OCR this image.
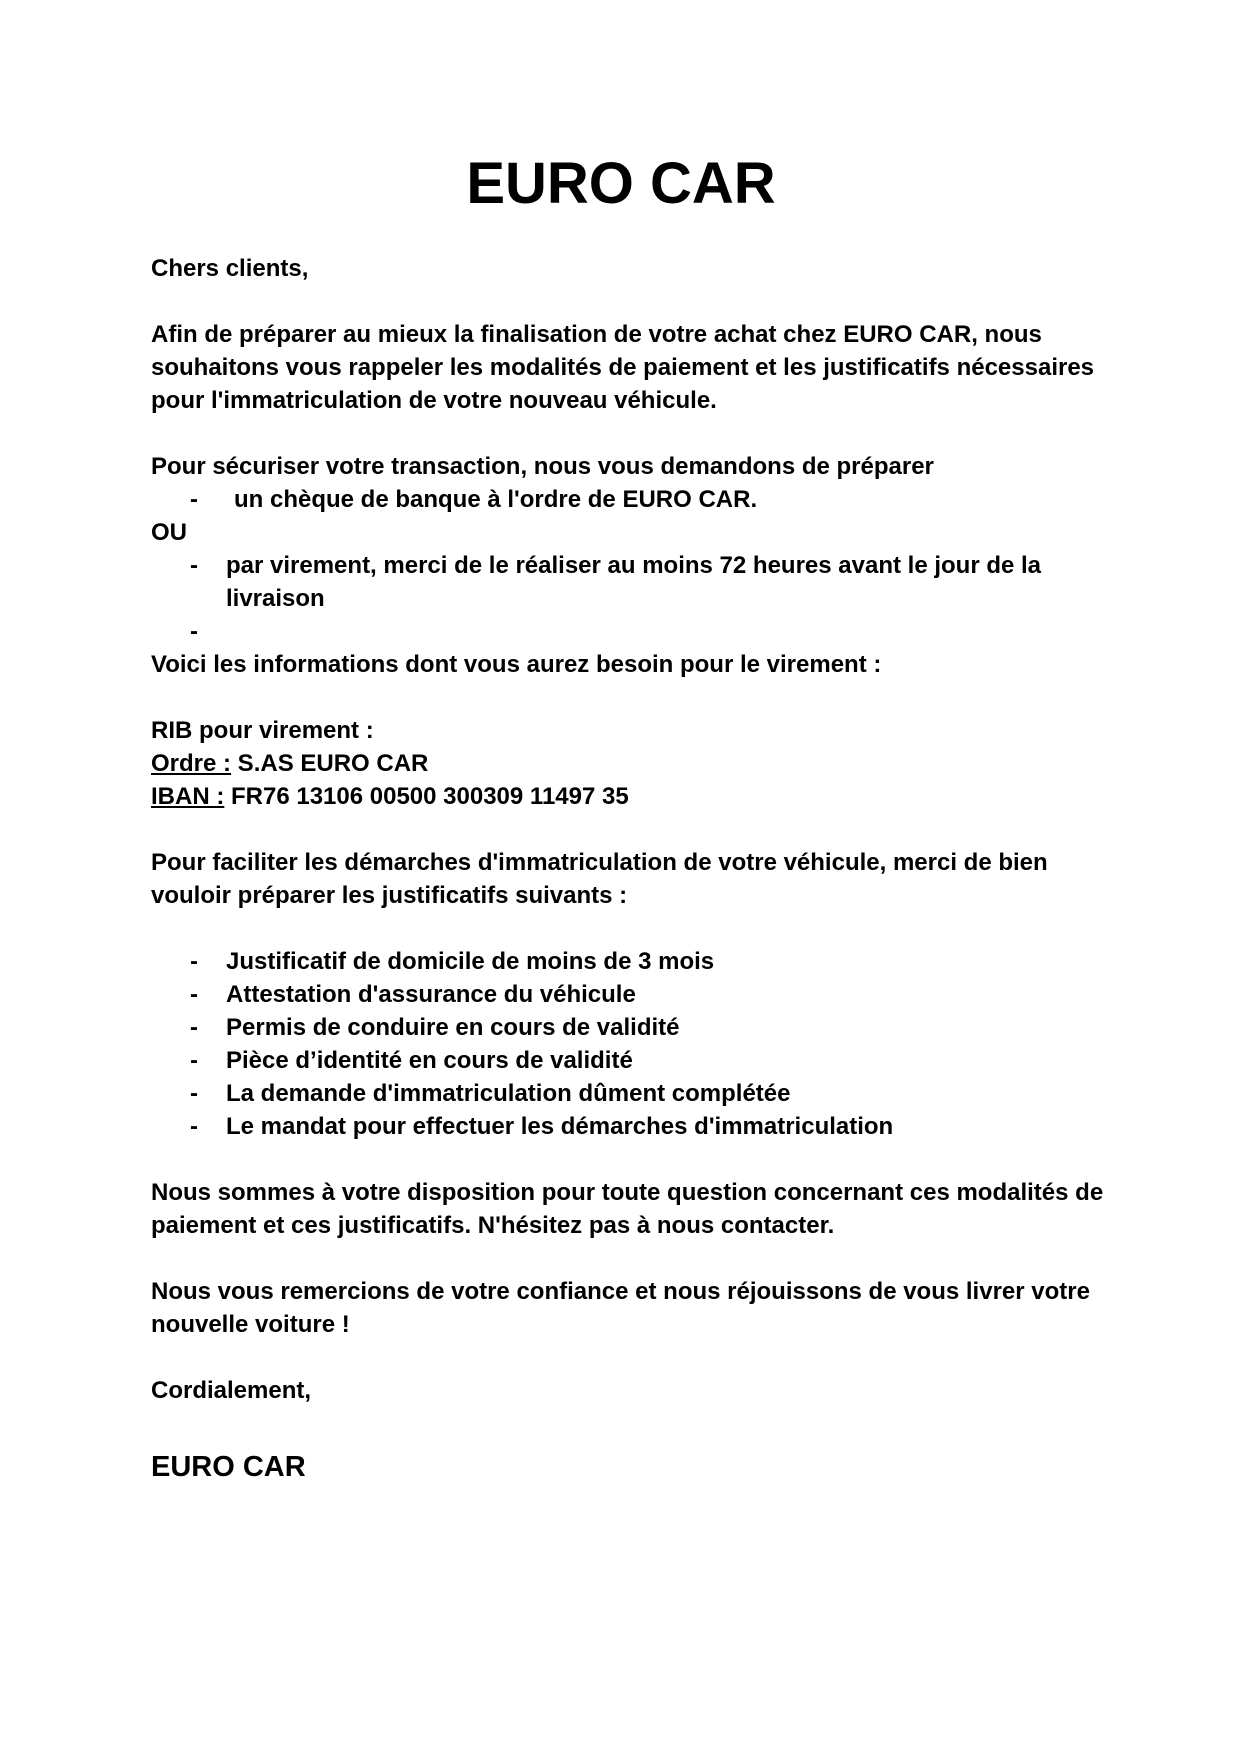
EURO CAR

Chers clients,

Afin de préparer au mieux la finalisation de votre achat chez EURO CAR, nous souhaitons vous rappeler les modalités de paiement et les justificatifs nécessaires pour l'immatriculation de votre nouveau véhicule.

Pour sécuriser votre transaction, nous vous demandons de préparer

- un chèque de banque à l'ordre de EURO CAR.

OU

- par virement, merci de le réaliser au moins 72 heures avant le jour de la livraison
-

Voici les informations dont vous aurez besoin pour le virement :

RIB pour virement :

Ordre : S.AS EURO CAR

IBAN : FR76 13106 00500 300309 11497 35

Pour faciliter les démarches d'immatriculation de votre véhicule, merci de bien vouloir préparer les justificatifs suivants :

- Justificatif de domicile de moins de 3 mois
- Attestation d'assurance du véhicule
- Permis de conduire en cours de validité
- Pièce d’identité en cours de validité
- La demande d'immatriculation dûment complétée
- Le mandat pour effectuer les démarches d'immatriculation

Nous sommes à votre disposition pour toute question concernant ces modalités de paiement et ces justificatifs. N'hésitez pas à nous contacter.

Nous vous remercions de votre confiance et nous réjouissons de vous livrer votre nouvelle voiture !

Cordialement,

EURO CAR
